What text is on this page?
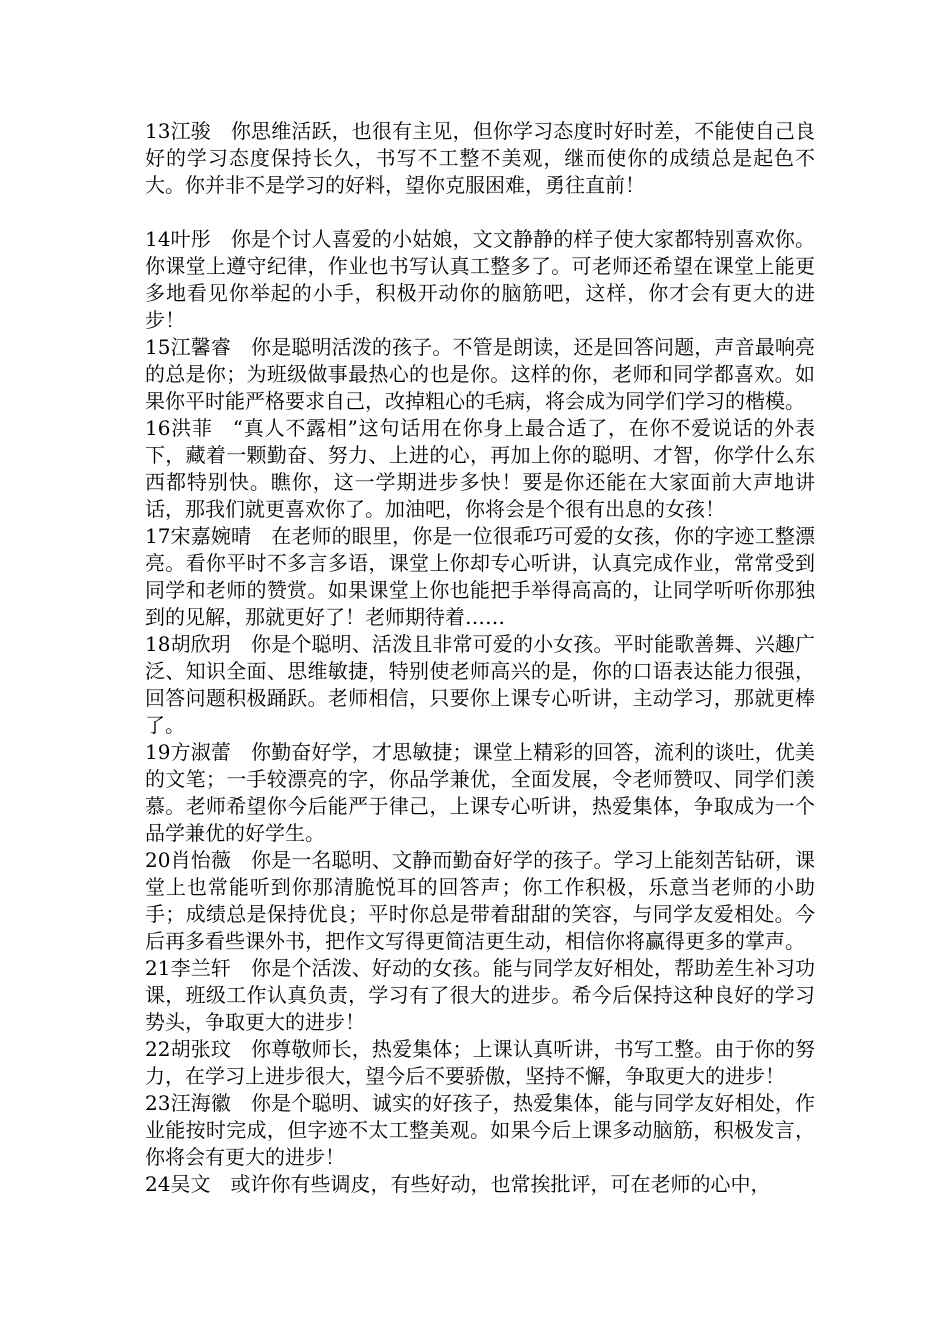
13江骏 你思维活跃，也很有主见，但你学习态度时好时差，不能使自己良好的学习态度保持长久，书写不工整不美观，继而使你的成绩总是起色不大。你并非不是学习的好料，望你克服困难，勇往直前！

14叶彤 你是个讨人喜爱的小姑娘，文文静静的样子使大家都特别喜欢你。你课堂上遵守纪律，作业也书写认真工整多了。可老师还希望在课堂上能更多地看见你举起的小手，积极开动你的脑筋吧，这样，你才会有更大的进步！

15江馨睿 你是聪明活泼的孩子。不管是朗读，还是回答问题，声音最响亮的总是你；为班级做事最热心的也是你。这样的你，老师和同学都喜欢。如果你平时能严格要求自己，改掉粗心的毛病，将会成为同学们学习的楷模。

16洪菲 “真人不露相”这句话用在你身上最合适了，在你不爱说话的外表下，藏着一颗勤奋、努力、上进的心，再加上你的聪明、才智，你学什么东西都特别快。瞧你，这一学期进步多快！要是你还能在大家面前大声地讲话，那我们就更喜欢你了。加油吧，你将会是个很有出息的女孩！

17宋嘉婉晴 在老师的眼里，你是一位很乖巧可爱的女孩，你的字迹工整漂亮。看你平时不多言多语，课堂上你却专心听讲，认真完成作业，常常受到同学和老师的赞赏。如果课堂上你也能把手举得高高的，让同学听听你那独到的见解，那就更好了！老师期待着……

18胡欣玥 你是个聪明、活泼且非常可爱的小女孩。平时能歌善舞、兴趣广泛、知识全面、思维敏捷，特别使老师高兴的是，你的口语表达能力很强，回答问题积极踊跃。老师相信，只要你上课专心听讲，主动学习，那就更棒了。

19方淑蕾 你勤奋好学，才思敏捷；课堂上精彩的回答，流利的谈吐，优美的文笔；一手较漂亮的字，你品学兼优，全面发展，令老师赞叹、同学们羡慕。老师希望你今后能严于律己，上课专心听讲，热爱集体，争取成为一个品学兼优的好学生。

20肖怡薇 你是一名聪明、文静而勤奋好学的孩子。学习上能刻苦钻研，课堂上也常能听到你那清脆悦耳的回答声；你工作积极，乐意当老师的小助手；成绩总是保持优良；平时你总是带着甜甜的笑容，与同学友爱相处。今后再多看些课外书，把作文写得更简洁更生动，相信你将赢得更多的掌声。

21李兰轩 你是个活泼、好动的女孩。能与同学友好相处，帮助差生补习功课，班级工作认真负责，学习有了很大的进步。希今后保持这种良好的学习势头，争取更大的进步！

22胡张玟 你尊敬师长，热爱集体；上课认真听讲，书写工整。由于你的努力，在学习上进步很大，望今后不要骄傲，坚持不懈，争取更大的进步！

23汪海徽 你是个聪明、诚实的好孩子，热爱集体，能与同学友好相处，作业能按时完成，但字迹不太工整美观。如果今后上课多动脑筋，积极发言，你将会有更大的进步！

24吴文 或许你有些调皮，有些好动，也常挨批评，可在老师的心中，
